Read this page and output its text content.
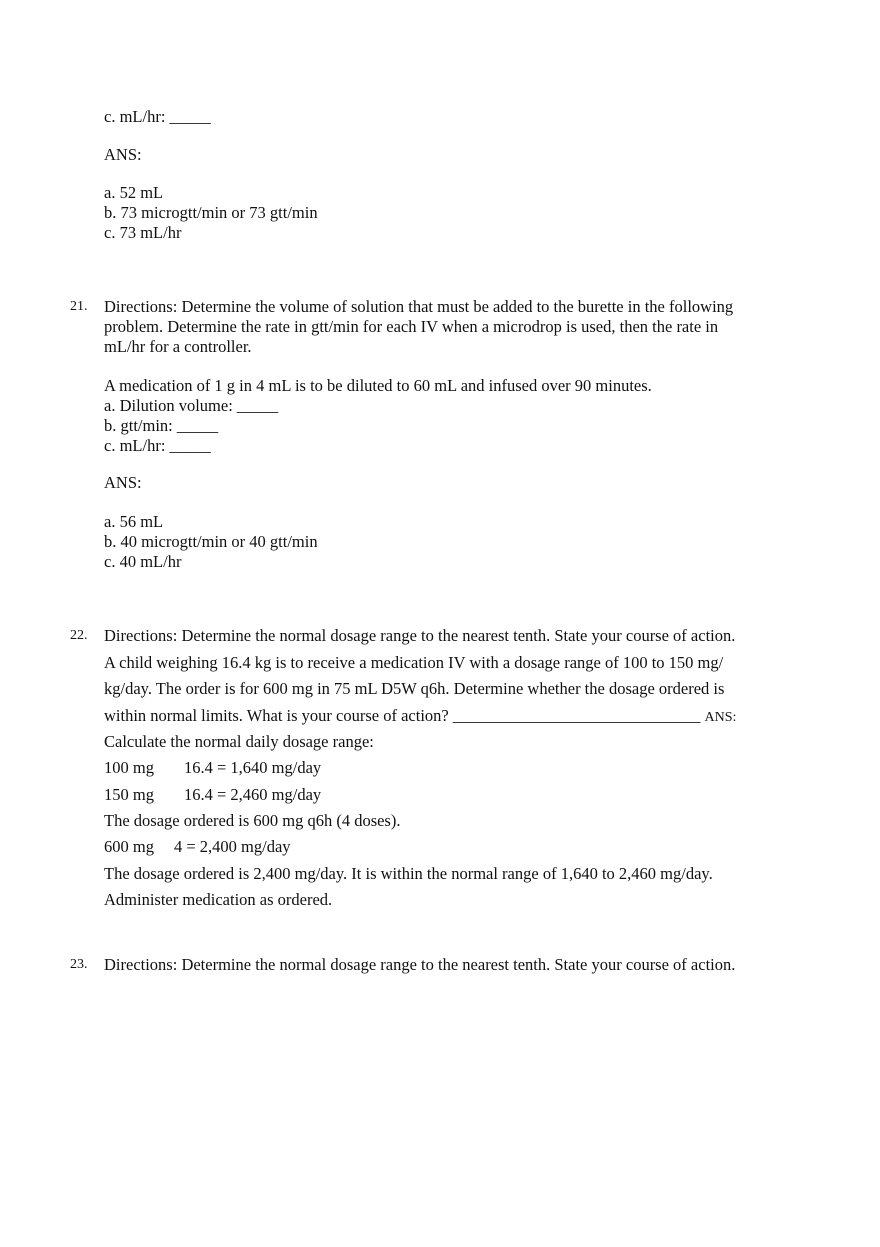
c. mL/hr: _____
ANS:
a. 52 mL
b. 73 microgtt/min or 73 gtt/min
c. 73 mL/hr
21. Directions: Determine the volume of solution that must be added to the burette in the following
problem. Determine the rate in gtt/min for each IV when a microdrop is used, then the rate in
mL/hr for a controller.
A medication of 1 g in 4 mL is to be diluted to 60 mL and infused over 90 minutes.
a. Dilution volume: _____
b. gtt/min: _____
c. mL/hr: _____
ANS:
a. 56 mL
b. 40 microgtt/min or 40 gtt/min
c. 40 mL/hr
22. Directions: Determine the normal dosage range to the nearest tenth. State your course of action.
A child weighing 16.4 kg is to receive a medication IV with a dosage range of 100 to 150 mg/
kg/day. The order is for 600 mg in 75 mL D5W q6h. Determine whether the dosage ordered is
within normal limits. What is your course of action? ______________________________ ANS:
Calculate the normal daily dosage range:
100 mg 16.4 = 1,640 mg/day
150 mg 16.4 = 2,460 mg/day
The dosage ordered is 600 mg q6h (4 doses).
600 mg 4 = 2,400 mg/day
The dosage ordered is 2,400 mg/day. It is within the normal range of 1,640 to 2,460 mg/day.
Administer medication as ordered.
23. Directions: Determine the normal dosage range to the nearest tenth. State your course of action.
